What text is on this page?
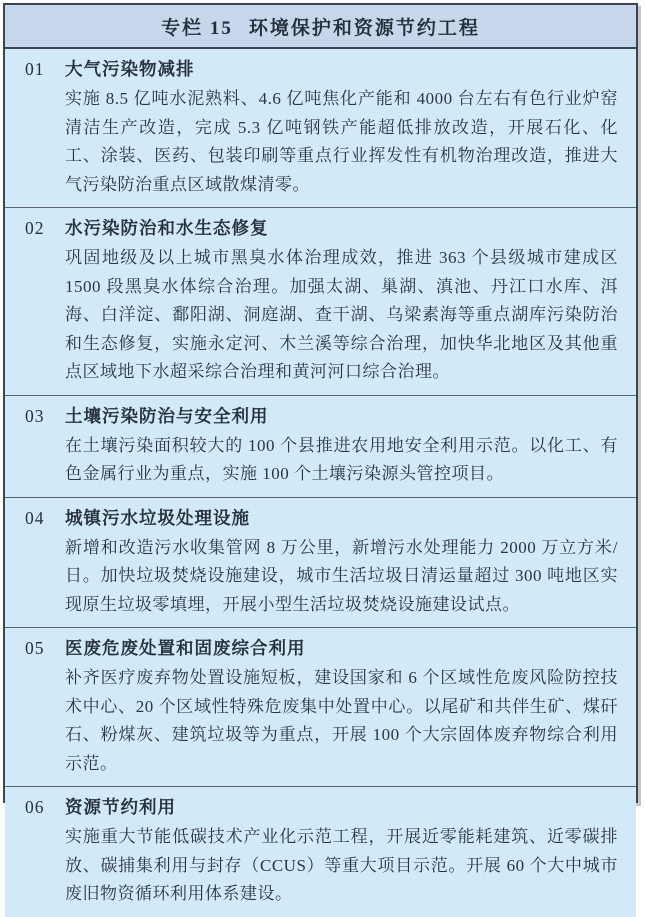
专栏 15 环境保护和资源节约工程
01	大气污染物减排

实施 8.5 亿吨水泥熟料、4.6 亿吨焦化产能和 4000 台左右有色行业炉窑清洁生产改造，完成 5.3 亿吨钢铁产能超低排放改造，开展石化、化工、涂装、医药、包装印刷等重点行业挥发性有机物治理改造，推进大气污染防治重点区域散煤清零。

02	水污染防治和水生态修复

巩固地级及以上城市黑臭水体治理成效，推进 363 个县级城市建成区 1500 段黑臭水体综合治理。加强太湖、巢湖、滇池、丹江口水库、洱海、白洋淀、鄱阳湖、洞庭湖、查干湖、乌梁素海等重点湖库污染防治和生态修复，实施永定河、木兰溪等综合治理，加快华北地区及其他重点区域地下水超采综合治理和黄河河口综合治理。

03	土壤污染防治与安全利用

在土壤污染面积较大的 100 个县推进农用地安全利用示范。以化工、有色金属行业为重点，实施 100 个土壤污染源头管控项目。

04	城镇污水垃圾处理设施

新增和改造污水收集管网 8 万公里，新增污水处理能力 2000 万立方米/日。加快垃圾焚烧设施建设，城市生活垃圾日清运量超过 300 吨地区实现原生垃圾零填埋，开展小型生活垃圾焚烧设施建设试点。

05	医废危废处置和固废综合利用

补齐医疗废弃物处置设施短板，建设国家和 6 个区域性危废风险防控技术中心、20 个区域性特殊危废集中处置中心。以尾矿和共伴生矿、煤矸石、粉煤灰、建筑垃圾等为重点，开展 100 个大宗固体废弃物综合利用示范。

06	资源节约利用

实施重大节能低碳技术产业化示范工程，开展近零能耗建筑、近零碳排放、碳捕集利用与封存（CCUS）等重大项目示范。开展 60 个大中城市废旧物资循环利用体系建设。
